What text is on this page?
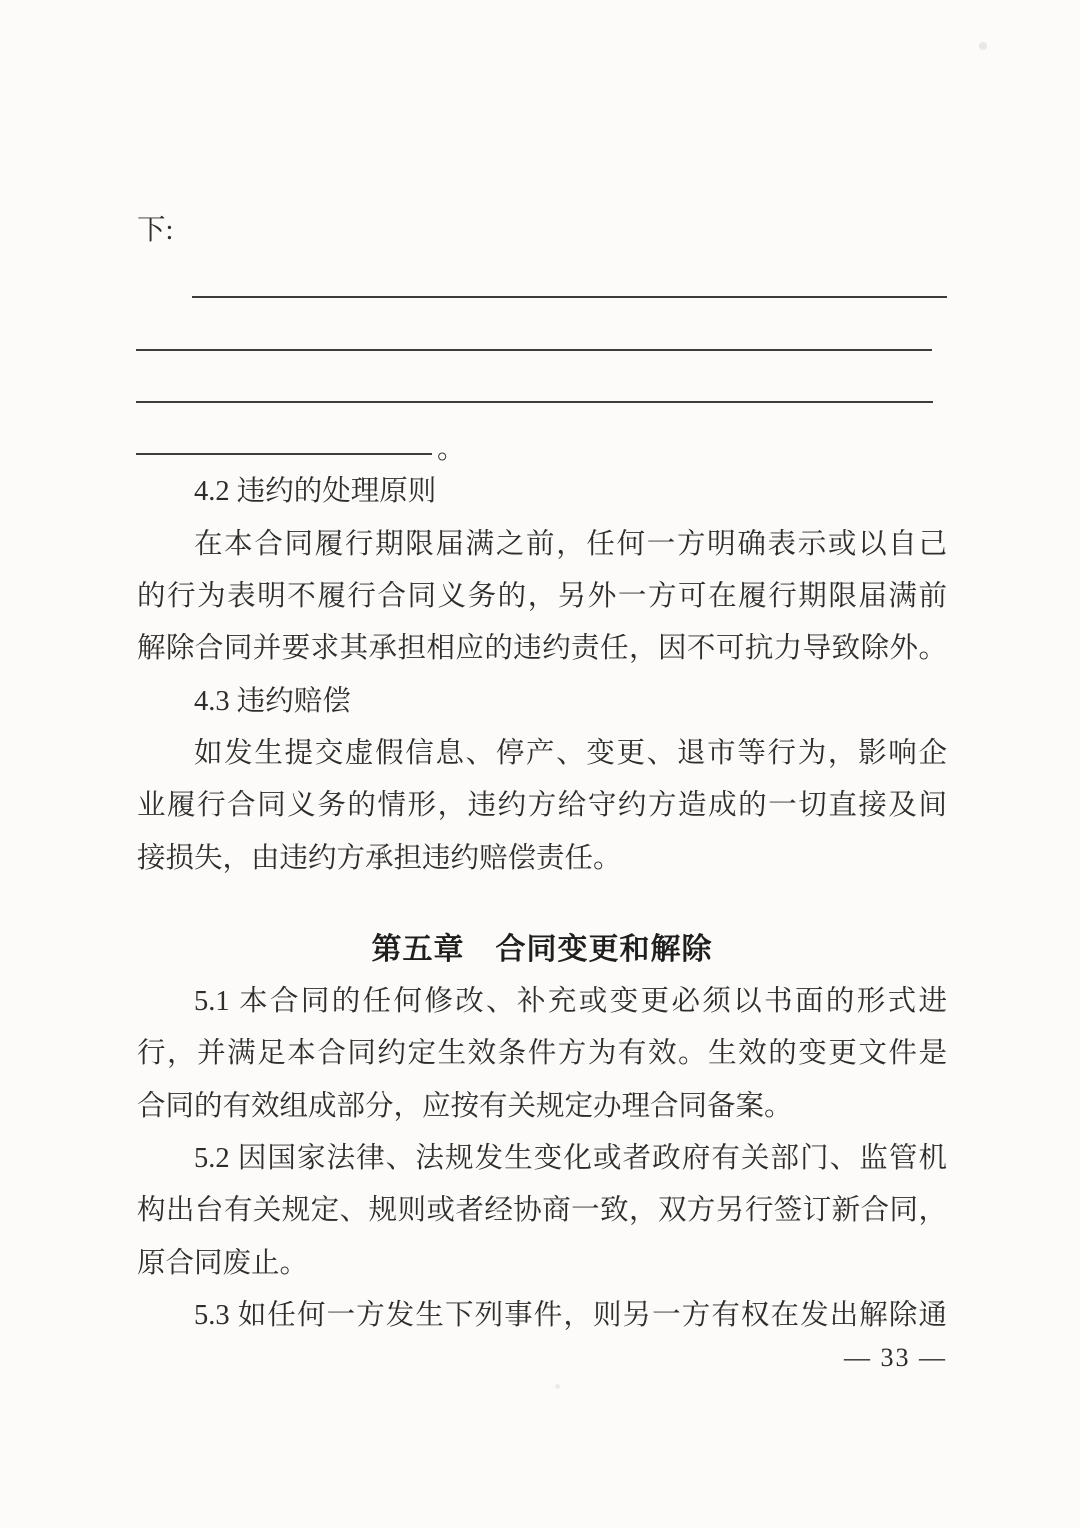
下:
。
4.2 违约的处理原则
在本合同履行期限届满之前，任何一方明确表示或以自己
的行为表明不履行合同义务的，另外一方可在履行期限届满前
解除合同并要求其承担相应的违约责任，因不可抗力导致除外。
4.3 违约赔偿
如发生提交虚假信息、停产、变更、退市等行为，影响企
业履行合同义务的情形，违约方给守约方造成的一切直接及间
接损失，由违约方承担违约赔偿责任。
第五章　合同变更和解除
5.1 本合同的任何修改、补充或变更必须以书面的形式进
行，并满足本合同约定生效条件方为有效。生效的变更文件是
合同的有效组成部分，应按有关规定办理合同备案。
5.2 因国家法律、法规发生变化或者政府有关部门、监管机
构出台有关规定、规则或者经协商一致，双方另行签订新合同，
原合同废止。
5.3 如任何一方发生下列事件，则另一方有权在发出解除通
— 33 —
